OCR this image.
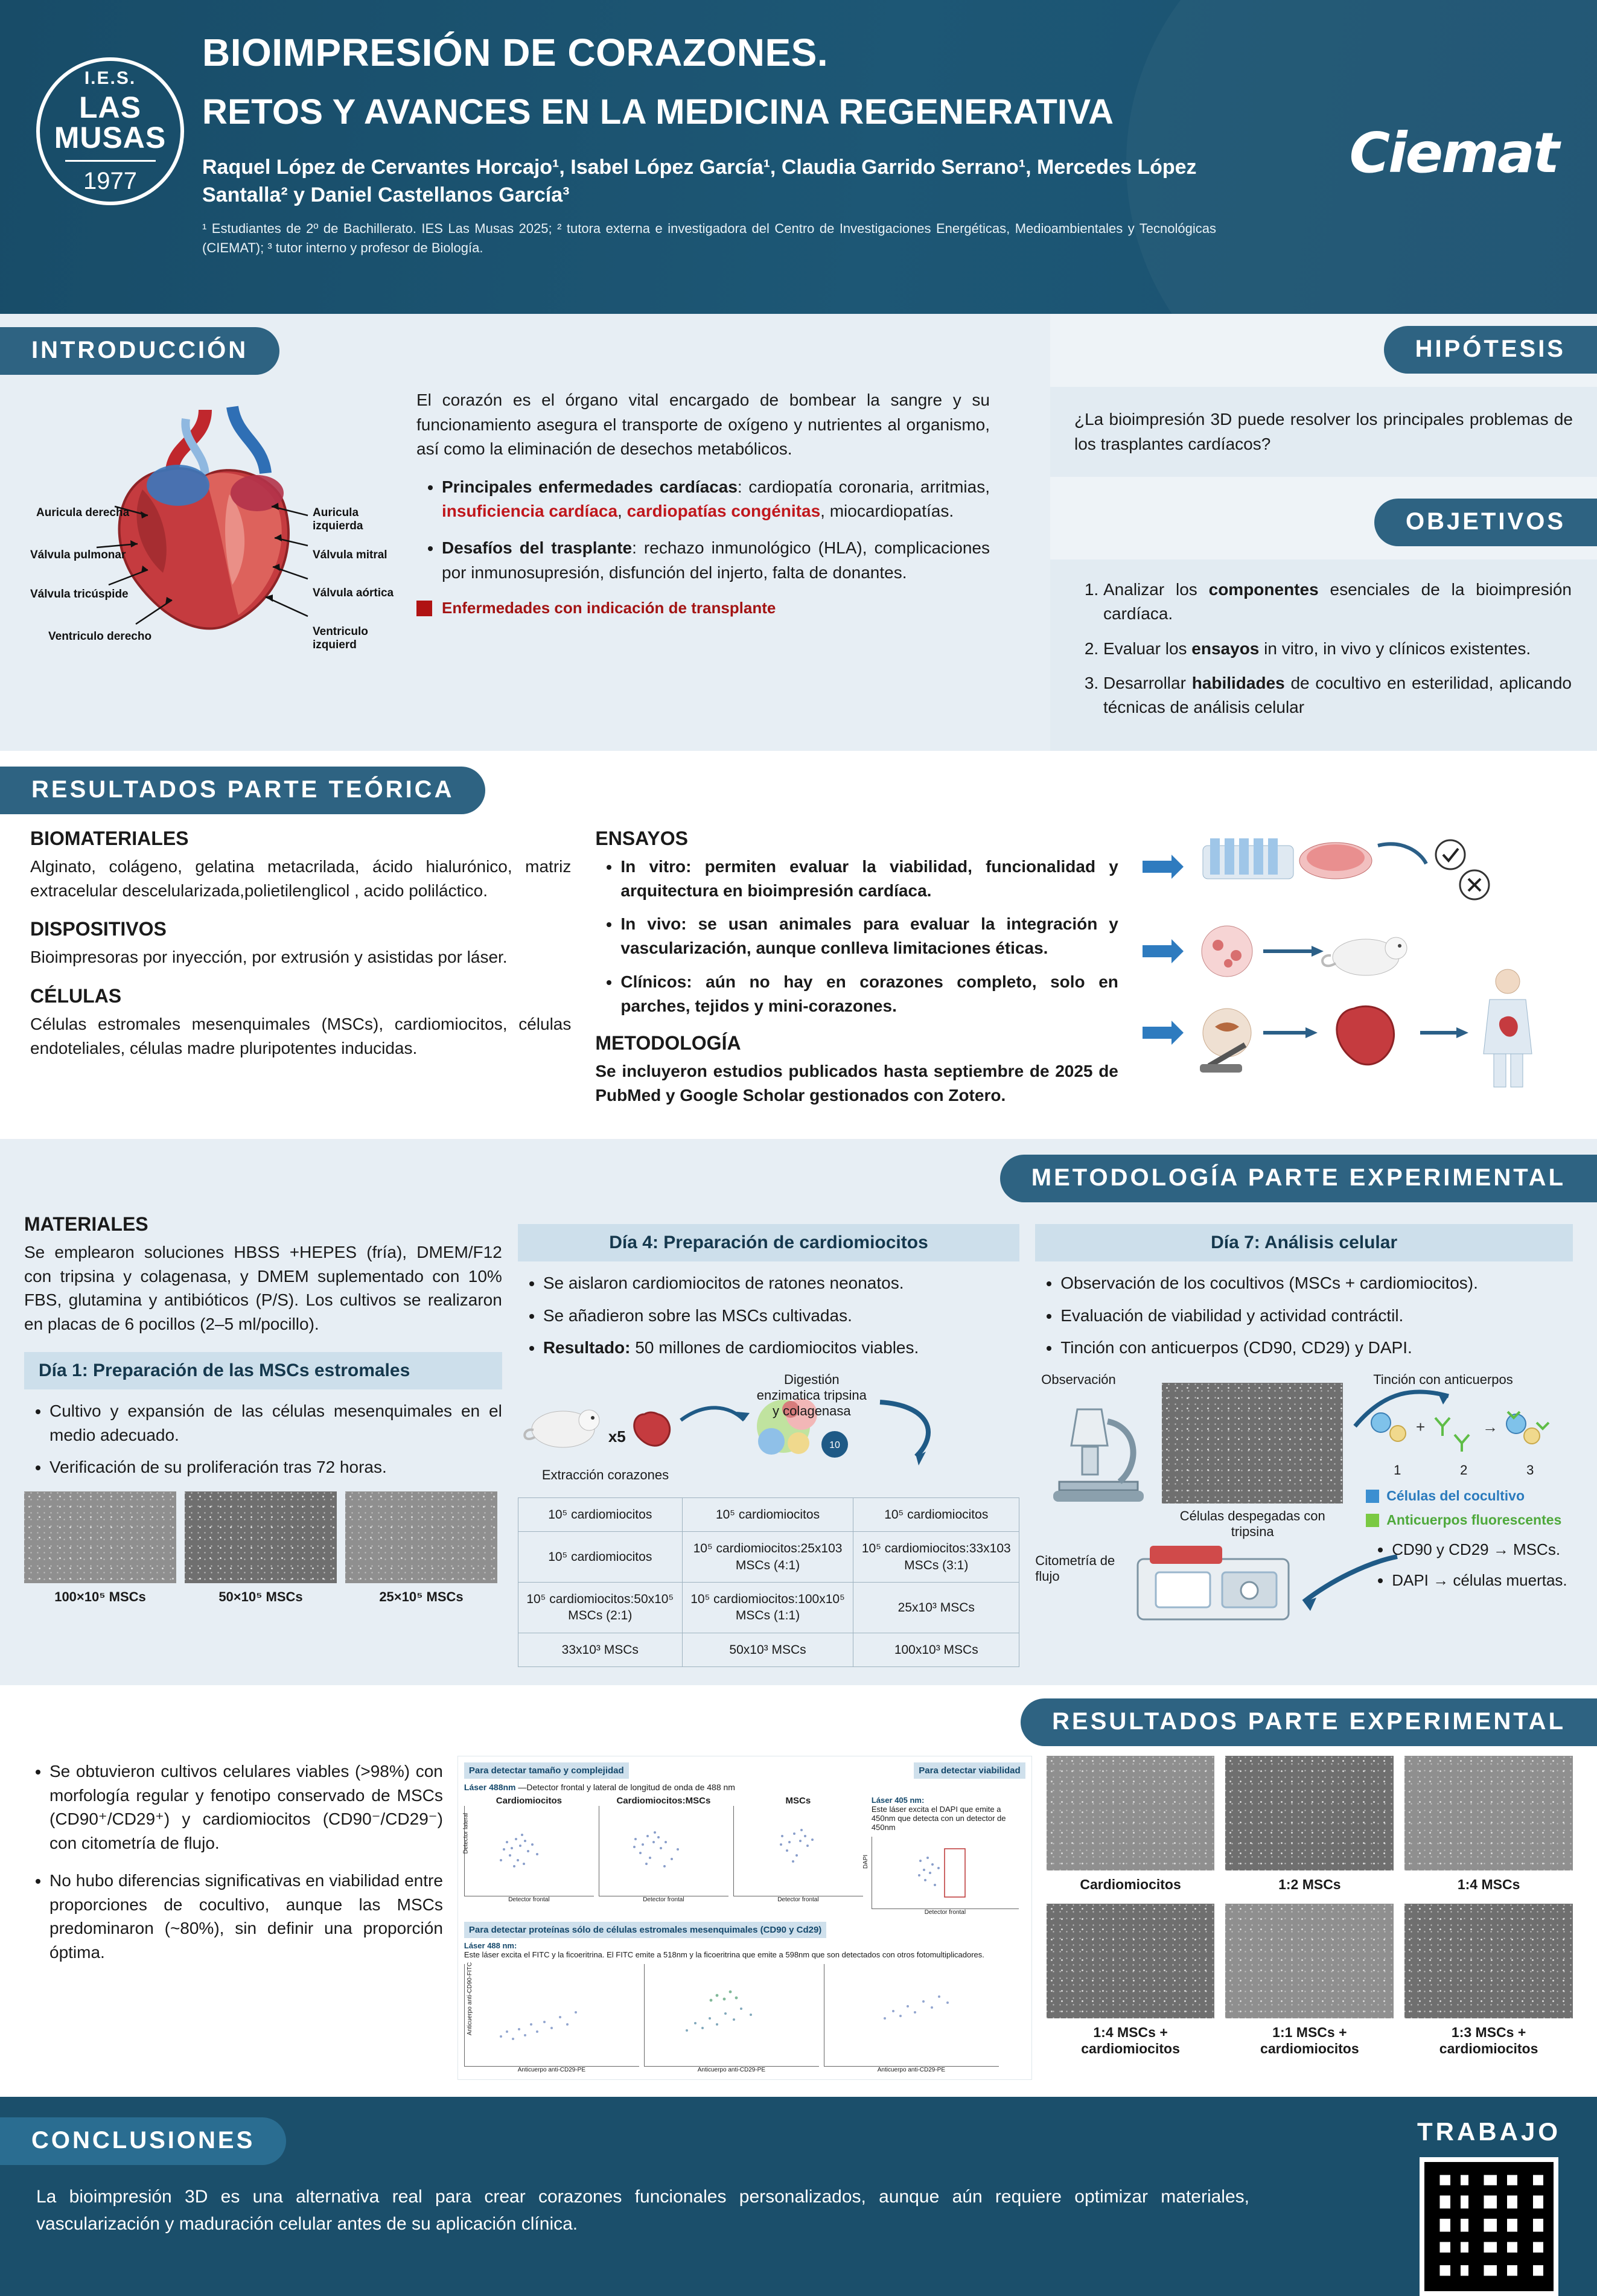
I.E.S.
LAS MUSAS
1977
BIOIMPRESIÓN DE CORAZONES.
RETOS Y AVANCES EN LA MEDICINA REGENERATIVA
Raquel López de Cervantes Horcajo¹, Isabel López García¹, Claudia Garrido Serrano¹, Mercedes López Santalla² y Daniel Castellanos García³
¹ Estudiantes de 2º de Bachillerato. IES Las Musas 2025; ² tutora externa e investigadora del Centro de Investigaciones Energéticas, Medioambientales y Tecnológicas (CIEMAT); ³ tutor interno y profesor de Biología.
Ciemat
INTRODUCCIÓN
Auricula derecha
Válvula pulmonar
Válvula tricúspide
Ventriculo derecho
Auricula izquierda
Válvula mitral
Válvula aórtica
Ventriculo izquierd

El corazón es el órgano vital encargado de bombear la sangre y su funcionamiento asegura el transporte de oxígeno y nutrientes al organismo, así como la eliminación de desechos metabólicos.

• Principales enfermedades cardíacas: cardiopatía coronaria, arritmias, insuficiencia cardíaca, cardiopatías congénitas, miocardiopatías.
• Desafíos del trasplante: rechazo inmunológico (HLA), complicaciones por inmunosupresión, disfunción del injerto, falta de donantes.
Enfermedades con indicación de transplante
HIPÓTESIS
¿La bioimpresión 3D puede resolver los principales problemas de los trasplantes cardíacos?
OBJETIVOS
1. Analizar los componentes esenciales de la bioimpresión cardíaca.
2. Evaluar los ensayos in vitro, in vivo y clínicos existentes.
3. Desarrollar habilidades de cocultivo en esterilidad, aplicando técnicas de análisis celular
RESULTADOS PARTE TEÓRICA
BIOMATERIALES
Alginato, colágeno, gelatina metacrilada, ácido hialurónico, matriz extracelular descelularizada,polietilenglicol , acido poliláctico.
DISPOSITIVOS
Bioimpresoras por inyección, por extrusión y asistidas por láser.
CÉLULAS
Células estromales mesenquimales (MSCs), cardiomiocitos, células endoteliales, células madre pluripotentes inducidas.
ENSAYOS
• In vitro: permiten evaluar la viabilidad, funcionalidad y arquitectura en bioimpresión cardíaca.
• In vivo: se usan animales para evaluar la integración y vascularización, aunque conlleva limitaciones éticas.
• Clínicos: aún no hay en corazones completo, solo en parches, tejidos y mini-corazones.
METODOLOGÍA
Se incluyeron estudios publicados hasta septiembre de 2025 de PubMed y Google Scholar gestionados con Zotero.
METODOLOGÍA PARTE EXPERIMENTAL
MATERIALES
Se emplearon soluciones HBSS +HEPES (fría), DMEM/F12 con tripsina y colagenasa, y DMEM suplementado con 10% FBS, glutamina y antibióticos (P/S). Los cultivos se realizaron en placas de 6 pocillos (2–5 ml/pocillo).
Día 1: Preparación de las MSCs estromales
• Cultivo y expansión de las células mesenquimales en el medio adecuado.
• Verificación de su proliferación tras 72 horas.
100×10⁵ MSCs	50×10⁵ MSCs	25×10⁵ MSCs
Día 4: Preparación de cardiomiocitos
• Se aislaron cardiomiocitos de ratones neonatos.
• Se añadieron sobre las MSCs cultivadas.
• Resultado: 50 millones de cardiomiocitos viables.
10
x5
Digestión enzimatica tripsina y colagenasa
Extracción corazones
10⁵ cardiomiocitos	10⁵ cardiomiocitos	10⁵ cardiomiocitos
10⁵ cardiomiocitos	10⁵ cardiomiocitos:25x103 MSCs (4:1)	10⁵ cardiomiocitos:33x103 MSCs (3:1)
10⁵ cardiomiocitos:50x10⁵ MSCs (2:1)	10⁵ cardiomiocitos:100x10⁵ MSCs (1:1)	25x10³ MSCs
33x10³ MSCs	50x10³ MSCs	100x10³ MSCs
Día 7: Análisis celular
• Observación de los cocultivos (MSCs + cardiomiocitos).
• Evaluación de viabilidad y actividad contráctil.
• Tinción con anticuerpos (CD90, CD29) y DAPI.
Observación
Células despegadas con tripsina
Tinción con anticuerpos
+	→
1	2	3
Células del cocultivo
Anticuerpos fluorescentes
Citometría de flujo
• CD90 y CD29 → MSCs.
• DAPI → células muertas.
RESULTADOS PARTE EXPERIMENTAL
• Se obtuvieron cultivos celulares viables (>98%) con morfología regular y fenotipo conservado de MSCs (CD90⁺/CD29⁺) y cardiomiocitos (CD90⁻/CD29⁻) con citometría de flujo.
• No hubo diferencias significativas en viabilidad entre proporciones de cocultivo, aunque las MSCs predominaron (~80%), sin definir una proporción óptima.
Para detectar tamaño y complejidad	Para detectar viabilidad
Láser 488nm —Detector frontal y lateral de longitud de onda de 488 nm
Cardiomiocitos
Detector lateral
Detector frontal
Cardiomiocitos:MSCs
Detector frontal
MSCs
Detector frontal
Láser 405 nm:
Este láser excita el DAPI que emite a 450nm que detecta con un detector de 450nm
DAPI
Detector frontal
Para detectar proteínas sólo de células estromales mesenquimales (CD90 y Cd29)
Láser 488 nm:
Este láser excita el FITC y la ficoeritrina. El FITC emite a 518nm y la ficoeritrina que emite a 598nm que son detectados con otros fotomultiplicadores.
Anticuerpo anti-CD90-FITC
Anticuerpo anti-CD29-PE	Anticuerpo anti-CD29-PE	Anticuerpo anti-CD29-PE
Cardiomiocitos	1:2 MSCs	1:4 MSCs
1:4 MSCs + cardiomiocitos
1:1 MSCs + cardiomiocitos
1:3 MSCs + cardiomiocitos
CONCLUSIONES
La bioimpresión 3D es una alternativa real para crear corazones funcionales personalizados, aunque aún requiere optimizar materiales, vascularización y maduración celular antes de su aplicación clínica.
TRABAJO
